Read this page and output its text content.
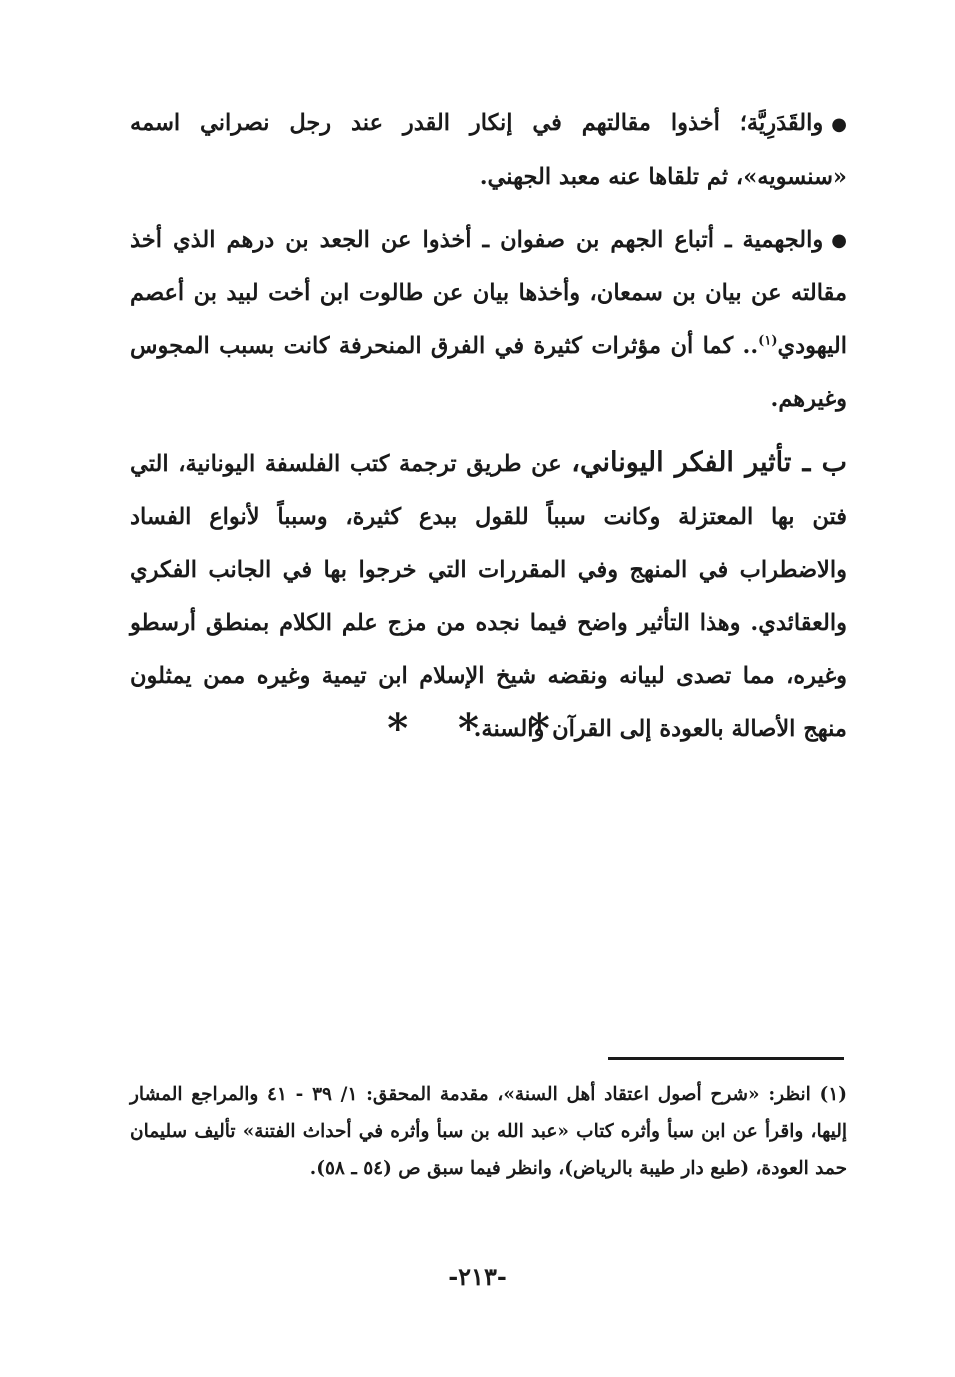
●والقَدَرِيَّة؛ أخذوا مقالتهم في إنكار القدر عند رجل نصراني اسمه «سنسويه»، ثم تلقاها عنه معبد الجهني.

●والجهمية ـ أتباع الجهم بن صفوان ـ أخذوا عن الجعد بن درهم الذي أخذ مقالته عن بيان بن سمعان، وأخذها بيان عن طالوت ابن أخت لبيد بن أعصم اليهودي$^{(١)}$.. كما أن مؤثرات كثيرة في الفرق المنحرفة كانت بسبب المجوس وغيرهم.

ب ـ تأثير الفكر اليوناني، عن طريق ترجمة كتب الفلسفة اليونانية، التي فتن بها المعتزلة وكانت سبباً للقول ببدع كثيرة، وسبباً لأنواع الفساد والاضطراب في المنهج وفي المقررات التي خرجوا بها في الجانب الفكري والعقائدي. وهذا التأثير واضح فيما نجده من مزج علم الكلام بمنطق أرسطو وغيره، مما تصدى لبيانه ونقضه شيخ الإسلام ابن تيمية وغيره ممن يمثلون منهج الأصالة بالعودة إلى القرآن والسنة.

* * *

(١) انظر: «شرح أصول اعتقاد أهل السنة»، مقدمة المحقق: ١/ ٣٩ - ٤١ والمراجع المشار إليها، واقرأ عن ابن سبأ وأثره كتاب «عبد الله بن سبأ وأثره في أحداث الفتنة» تأليف سليمان حمد العودة، (طبع دار طيبة بالرياض)، وانظر فيما سبق ص (٥٤ ـ ٥٨).

-٢١٣-
